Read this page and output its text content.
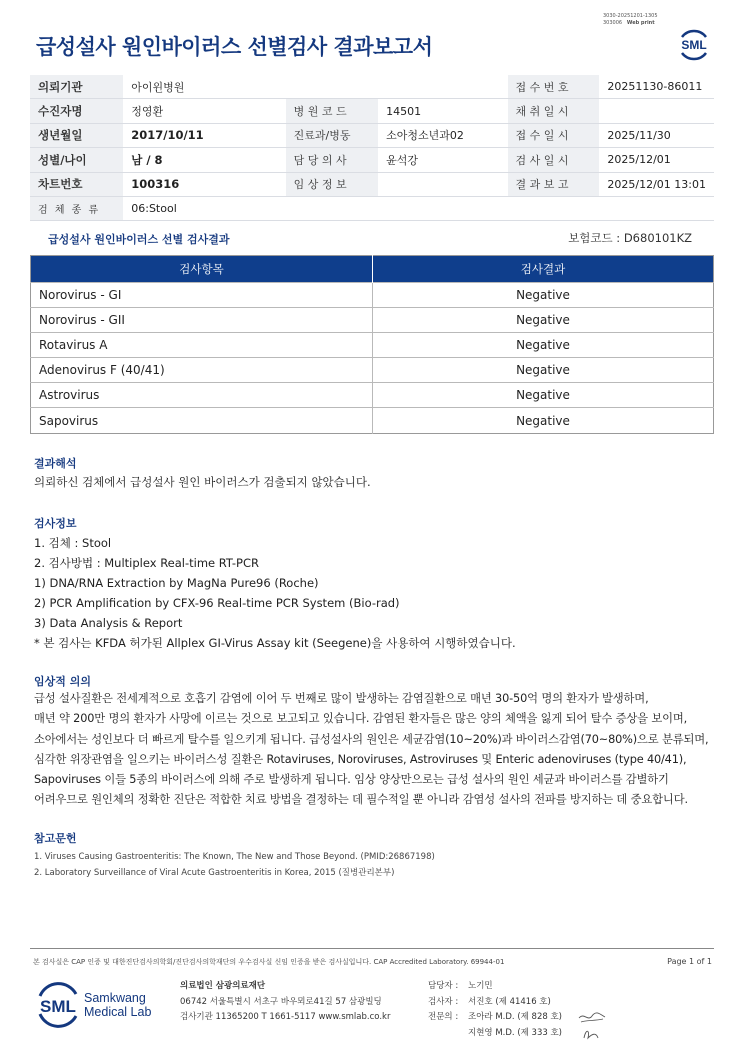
3030-20251201-1305
303006 Web print
급성설사 원인바이러스 선별검사 결과보고서	SML
의뢰기관	아이윈병원			접 수 번 호	20251130-86011
수진자명	정영환	병 원 코 드	14501	채 취 일 시	
생년월일	2017/10/11	진료과/병동	소아청소년과02	접 수 일 시	2025/11/30
성별/나이	남 / 8	담 당 의 사	윤석강	검 사 일 시	2025/12/01
차트번호	100316	임 상 정 보		결 과 보 고	2025/12/01 13:01
검 체 종 류	06:Stool				
급성설사 원인바이러스 선별 검사결과	보험코드 : D680101KZ
검사항목	검사결과
Norovirus - GI	Negative
Norovirus - GII	Negative
Rotavirus A	Negative
Adenovirus F (40/41)	Negative
Astrovirus	Negative
Sapovirus	Negative
결과해석
의뢰하신 검체에서 급성설사 원인 바이러스가 검출되지 않았습니다.
검사정보
1. 검체 : Stool
2. 검사방법 : Multiplex Real-time RT-PCR
1) DNA/RNA Extraction by MagNa Pure96 (Roche)
2) PCR Amplification by CFX-96 Real-time PCR System (Bio-rad)
3) Data Analysis & Report
* 본 검사는 KFDA 허가된 Allplex GI-Virus Assay kit (Seegene)을 사용하여 시행하였습니다.
임상적 의의
급성 설사질환은 전세계적으로 호흡기 감염에 이어 두 번째로 많이 발생하는 감염질환으로 매년 30-50억 명의 환자가 발생하며,
매년 약 200만 명의 환자가 사망에 이르는 것으로 보고되고 있습니다. 감염된 환자들은 많은 양의 체액을 잃게 되어 탈수 증상을 보이며,
소아에서는 성인보다 더 빠르게 탈수를 일으키게 됩니다. 급성설사의 원인은 세균감염(10~20%)과 바이러스감염(70~80%)으로 분류되며,
심각한 위장관염을 일으키는 바이러스성 질환은 Rotaviruses, Noroviruses, Astroviruses 및 Enteric adenoviruses (type 40/41),
Sapoviruses 이들 5종의 바이러스에 의해 주로 발생하게 됩니다. 임상 양상만으로는 급성 설사의 원인 세균과 바이러스를 감별하기
어려우므로 원인체의 정확한 진단은 적합한 치료 방법을 결정하는 데 필수적일 뿐 아니라 감염성 설사의 전파를 방지하는 데 중요합니다.
참고문헌
1. Viruses Causing Gastroenteritis: The Known, The New and Those Beyond. (PMID:26867198)
2. Laboratory Surveillance of Viral Acute Gastroenteritis in Korea, 2015 (질병관리본부)
본 검사실은 CAP 인증 및 대한진단검사의학회/진단검사의학재단의 우수검사실 신임 인증을 받은 검사실입니다. CAP Accredited Laboratory. 69944-01	Page 1 of 1
SML Samkwang
Medical Lab
의료법인 삼광의료재단
06742 서울특별시 서초구 바우뫼로41길 57 삼광빌딩
검사기관 11365200 T 1661-5117 www.smlab.co.kr
담당자 : 노기민
검사자 : 서진호 (제 41416 호)
전문의 : 조아라 M.D. (제 828 호)
지현영 M.D. (제 333 호)
